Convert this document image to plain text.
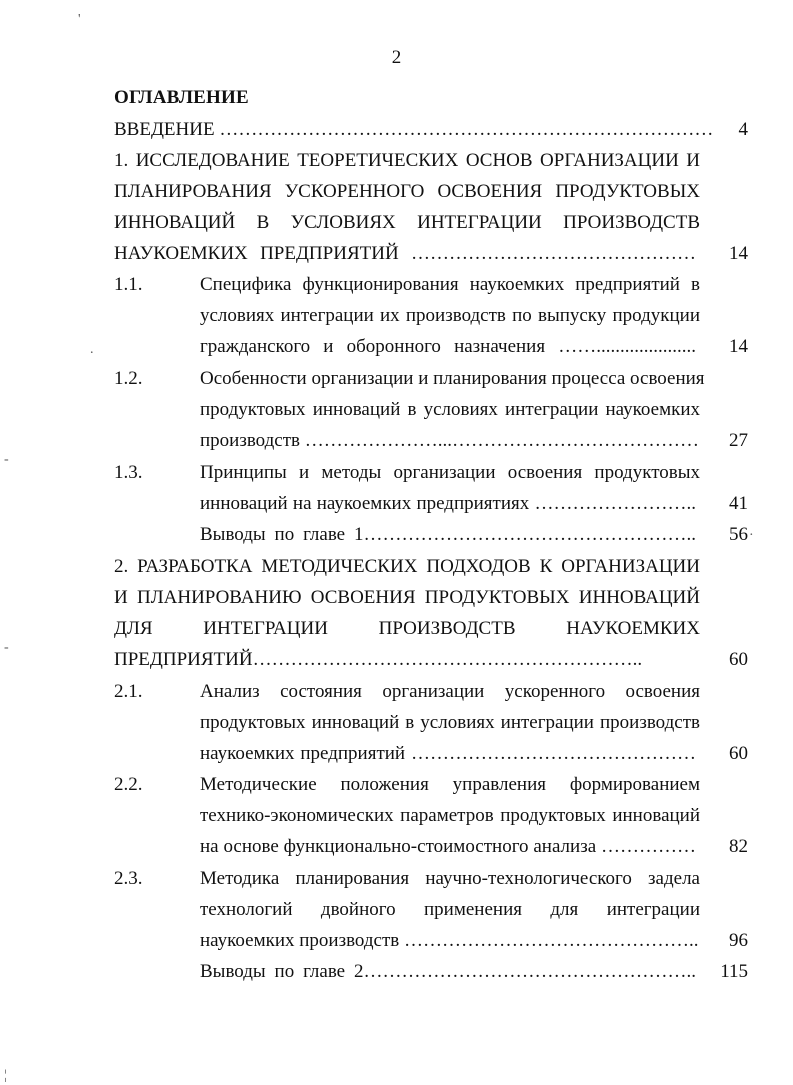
2
ОГЛАВЛЕНИЕ
ВВЕДЕНИЕ ……………………………………………………………………	4
1. ИССЛЕДОВАНИЕ ТЕОРЕТИЧЕСКИХ ОСНОВ ОРГАНИЗАЦИИ И
ПЛАНИРОВАНИЯ УСКОРЕННОГО ОСВОЕНИЯ ПРОДУКТОВЫХ
ИННОВАЦИЙ В УСЛОВИЯХ ИНТЕГРАЦИИ ПРОИЗВОДСТВ
НАУКОЕМКИХ ПРЕДПРИЯТИЙ ………………………………………	14
1.1.	Специфика функционирования наукоемких предприятий в
условиях интеграции их производств по выпуску продукции
гражданского и оборонного назначения …….....................	14
1.2.	Особенности организации и планирования процесса освоения
продуктовых инноваций в условиях интеграции наукоемких
производств …………………...…………………………………	27
1.3.	Принципы и методы организации освоения продуктовых
инноваций на наукоемких предприятиях ……………………..	41
Выводы по главе 1……………………………………………..	56 ·
2. РАЗРАБОТКА МЕТОДИЧЕСКИХ ПОДХОДОВ К ОРГАНИЗАЦИИ
И ПЛАНИРОВАНИЮ ОСВОЕНИЯ ПРОДУКТОВЫХ ИННОВАЦИЙ
ДЛЯ ИНТЕГРАЦИИ ПРОИЗВОДСТВ НАУКОЕМКИХ
ПРЕДПРИЯТИЙ……………………………………………………..	60
2.1.	Анализ состояния организации ускоренного освоения
продуктовых инноваций в условиях интеграции производств
наукоемких предприятий ………………………………………	60
2.2.	Методические положения управления формированием
технико-экономических параметров продуктовых инноваций
на основе функционально-стоимостного анализа ……………	82
2.3.	Методика планирования научно-технологического задела
технологий двойного применения для интеграции
наукоемких производств ………………………………………..	96
Выводы по главе 2……………………………………………..	115
'
.
-
-
¦
